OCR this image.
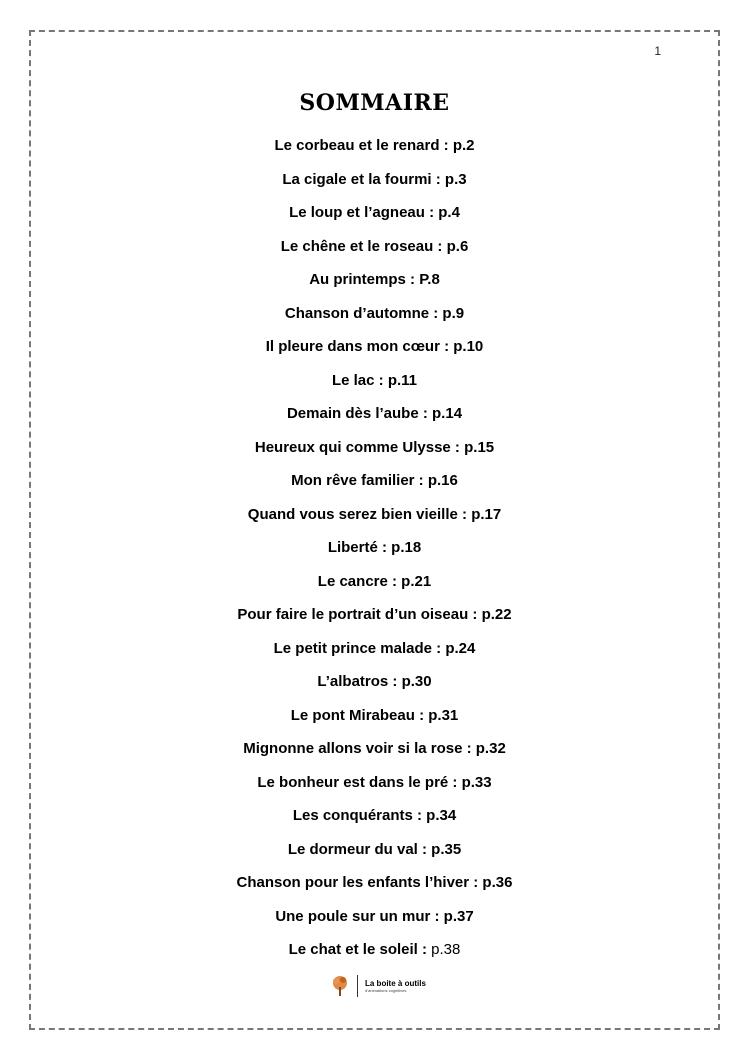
1
SOMMAIRE
Le corbeau et le renard : p.2
La cigale et la fourmi : p.3
Le loup et l’agneau : p.4
Le chêne et le roseau : p.6
Au printemps : P.8
Chanson d’automne : p.9
Il pleure dans mon cœur : p.10
Le lac : p.11
Demain dès l’aube : p.14
Heureux qui comme Ulysse : p.15
Mon rêve familier : p.16
Quand vous serez bien vieille : p.17
Liberté : p.18
Le cancre : p.21
Pour faire le portrait d’un oiseau : p.22
Le petit prince malade : p.24
L’albatros : p.30
Le pont Mirabeau : p.31
Mignonne allons voir si la rose : p.32
Le bonheur est dans le pré : p.33
Les conquérants : p.34
Le dormeur du val : p.35
Chanson pour les enfants l’hiver : p.36
Une poule sur un mur : p.37
Le chat et le soleil : p.38
La boite à outils
d’animations cognitives
